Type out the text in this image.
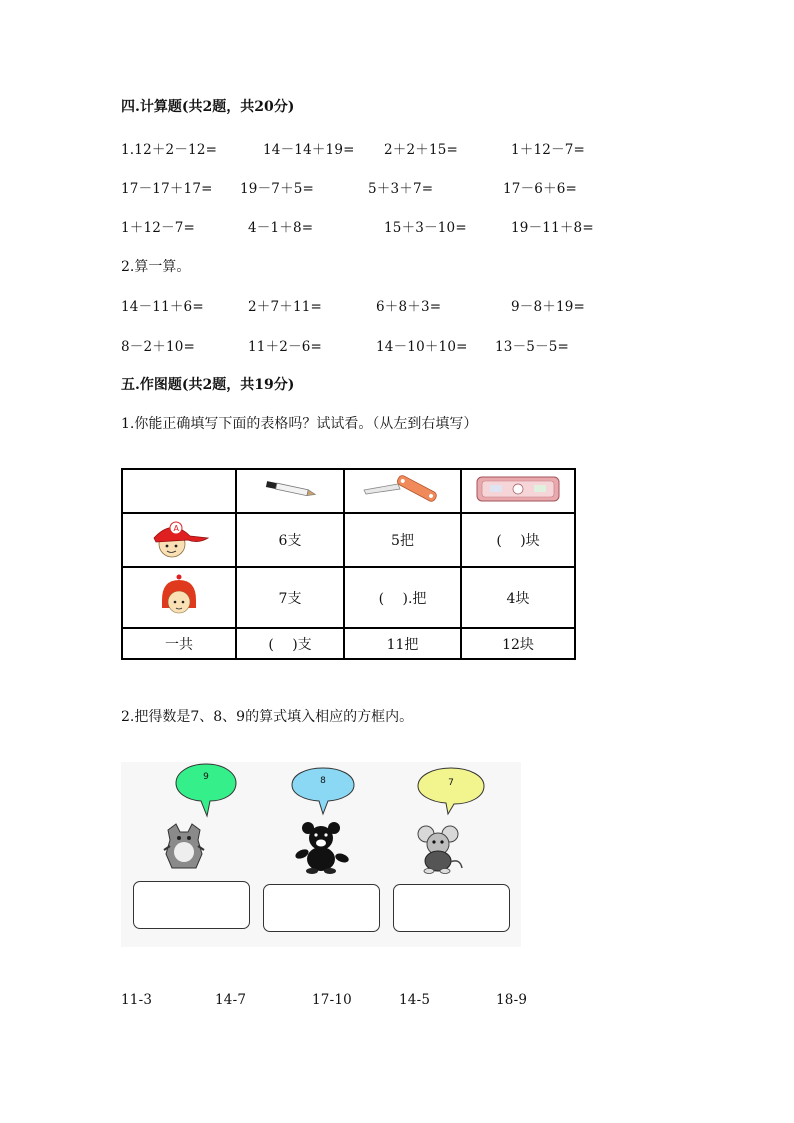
四.计算题(共2题，共20分)
1.12＋2－12=	14－14＋19= 2＋2＋15=	1＋12－7=
17－17＋17= 19－7＋5=	5＋3＋7=	17－6＋6=
1＋12－7=	4－1＋8=	15＋3－10=	19－11＋8=
2.算一算。
14－11＋6=	2＋7＋11=	6＋8＋3=	9－8＋19=
8－2＋10=	11＋2－6=	14－10＋10= 13－5－5=
五.作图题(共2题，共19分)
1.你能正确填写下面的表格吗？试试看。（从左到右填写）

A	6支	5把	(　 )块
	7支	(　 ).把	4块
一共	(　 )支	11把	12块
2.把得数是7、8、9的算式填入相应的方框内。
9	8	7
11-3	14-7	17-10	14-5	18-9
